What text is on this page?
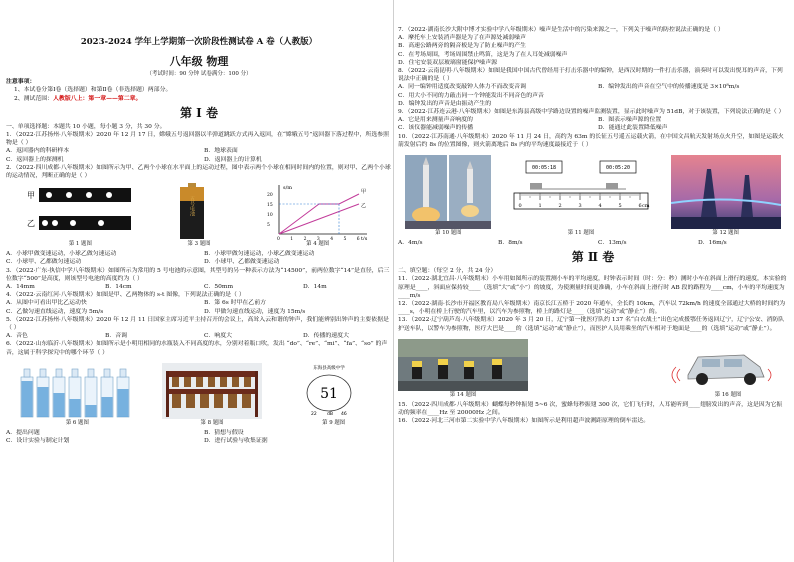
2023-2024 学年上学期第一次阶段性测试卷 A 卷（人教版）
八年级 物理
（考试时间：90 分钟 试卷满分：100 分）

注意事项：

1、本试卷分第Ⅰ卷（选择题）和第Ⅱ卷（非选择题）两部分。

2、测试范围：人教版八上：第一章——第二章。

第 Ⅰ 卷

一、单项选择题：本题共 10 小题，每小题 3 分，共 30 分。

1．（2022·江苏扬州·八年级期末）2020 年 12 月 17 日，嫦娥五号返回器以半弹道跳跃方式再入返回，在“嫦娥五号”返回器下落过程中，所选参照物是（ ）

A．返回器内的科研样本	B．地球表面
C．返回器上的探测机	D．返回器上的计算机

2．（2022·四川成都·八年级期末）如图所示为甲、乙两个小球在水平面上的运动过程，图中表示两个小球在相同时间内的位置，则对甲、乙两个小球的运动情况，判断正确的是（ ）

甲
乙
第 1 题图
五号电池
第 3 题图
s/m
t/s
20
15
10
5
0 1 2 3 4 5 6
甲
乙
第 4 题图
A．小球甲做变速运动，小球乙做匀速运动	B．小球甲做匀速运动，小球乙做变速运动
C．小球甲、乙都做匀速运动	D．小球甲、乙都做变速运动

3．（2022·广东·执信中学八年级期末）如图所示为常用的 5 号电池的示意图，其型号的另一种表示方法为“14500”，前两位数字“14”是直径，后三位数字“500”是高度，则该型号电池的高度约为（ ）

A．14mm	B．14cm	C．50mm	D．14m

4．（2022·云南红河·八年级期末）如图是甲、乙两物体的 s-t 图像，下列说法正确的是（ ）

A．从图中可看出甲比乙运动快	B．第 6s 时甲在乙前方
C．乙做匀速直线运动，速度为 5m/s	D．甲做匀速直线运动，速度为 15m/s

5．（2022·江苏扬州·八年级期末）2020 年 12 月 11 日国家主席习近平主持召开的会议上，高耸入云和谐的钟声，我们能辨别出钟声的主要依据是（ ）

A．音色	B．音调	C．响度大	D．传播的速度大

6．（2022·山东临沂·八年级期末）如图所示是小明用相同的水瓶装入不同高度的水，分别对着瓶口吹，发出 “do”、“re”、“mi”、“fa”、“so” 的声音，这属于科学探究中的哪个环节（ ）

第 6 题图	第 8 题图
东海县高级中学
51
22 dB 46
第 9 题图
A．提出问题	B．猜想与假设
C．设计实验与制定计划	D．进行试验与收集证据

7．（2022·湖南长沙大附中博才实验中学八年级期末）噪声是生活中的污染来源之一，下列关于噪声的防控说法正确的是（ ）

A．摩托车上安装消声器是为了在声源处减弱噪声

B．高速公路两旁的隔音板是为了防止噪声的产生

C．在考场周围，考场周围禁止鸣笛，这是为了在人耳处减弱噪声

D．住宅安装双层玻璃窗能保护噪声源

8．（2022·云南昆明·八年级期末）如图是我国中国古代曾经用于打击乐器中的编钟，是西汉时期的一件打击乐器，演奏时可以发出悦耳的声音，下列说法中正确的是（ ）

A．同一编钟用适度改变敲钟人体力不而改变音调	B．编钟发出的声音在空气中的传播速度是 3×10⁸m/s

C．用大小不同的力敲击同一个钟能发出不同音色的声音

D．编钟发出的声音是由振动产生的

9．（2022·江苏连云港·八年级期末）如图是东海县高级中学路边设置的噪声监测装置，显示此时噪声为 51dB，对于该装置，下列说法正确的是（ ）

A．它是用来测量声音响度的	B．图表示噪声源的位置
C．该仪器能减弱噪声的传播	D．能通过此装置降低噪声

10．（2022·江苏南通·八年级期末）2020 年 11 月 24 日，高约为 63m 的长征五号遥五运载火箭，在中国文昌航天发射场点火升空，如图是运载火箭发射后约 8s 的位置图像，则火箭离地后 8s 内的平均速度最接近于（ ）

第 10 题图
00:05:18	00:05:20
0	1	2	3	4	5	6 cm
第 11 题图	第 12 题图
A．4m/s	B．8m/s	C．13m/s	D．16m/s
第 Ⅱ 卷

二、填空题：（每空 2 分，共 24 分）

11．（2022·湖北宜昌·八年级期末）小车用如图所示的装置测小车的平均速度，时钟表示时间（时：分：秒）测时小车在斜面上滑行的速度，本实验的原理是____，斜面应保持较____（选填“大”或“小”）的坡度，为使测量时间更准确，小车在斜面上滑行时 AB 段的路程为____cm，小车的平均速度为____m/s

12．（2022·湖南·长沙市开福区教育局八年级期末）南京长江五桥于 2020 年通车，全长约 10km，汽车以 72km/h 的速度全部通过大桥的时间约为____s，小明在桥上行驶的汽车里，以汽车为参照物，桥上的路灯是____（选填“运动”或“静止”）的。

13．（2022·辽宁葫芦岛·八年级期末）2020 年 3 月 20 日，辽宁第一批医疗队约 137 名“白衣战士”出色完成援鄂任务返回辽宁，辽宁公安、消防队护送车队，以警车为参照物，医疗大巴是____的（选填“运动”或“静止”），而医护人员用乘坐的汽车相对于地面是____的（选填“运动”或“静止”）。

第 14 题图	第 16 题图

15．（2022·四川成都·八年级期末）蝴蝶每秒钟振翅 5~6 次，蜜蜂每秒振翅 300 次，它们飞行时，人耳能听到____翅膀发出的声音，这是因为它振动的频率在____Hz 至 20000Hz 之间。

16．（2022·河北三河市第二实验中学八年级期末）如图所示是利用超声波测距原理的倒车雷达。
